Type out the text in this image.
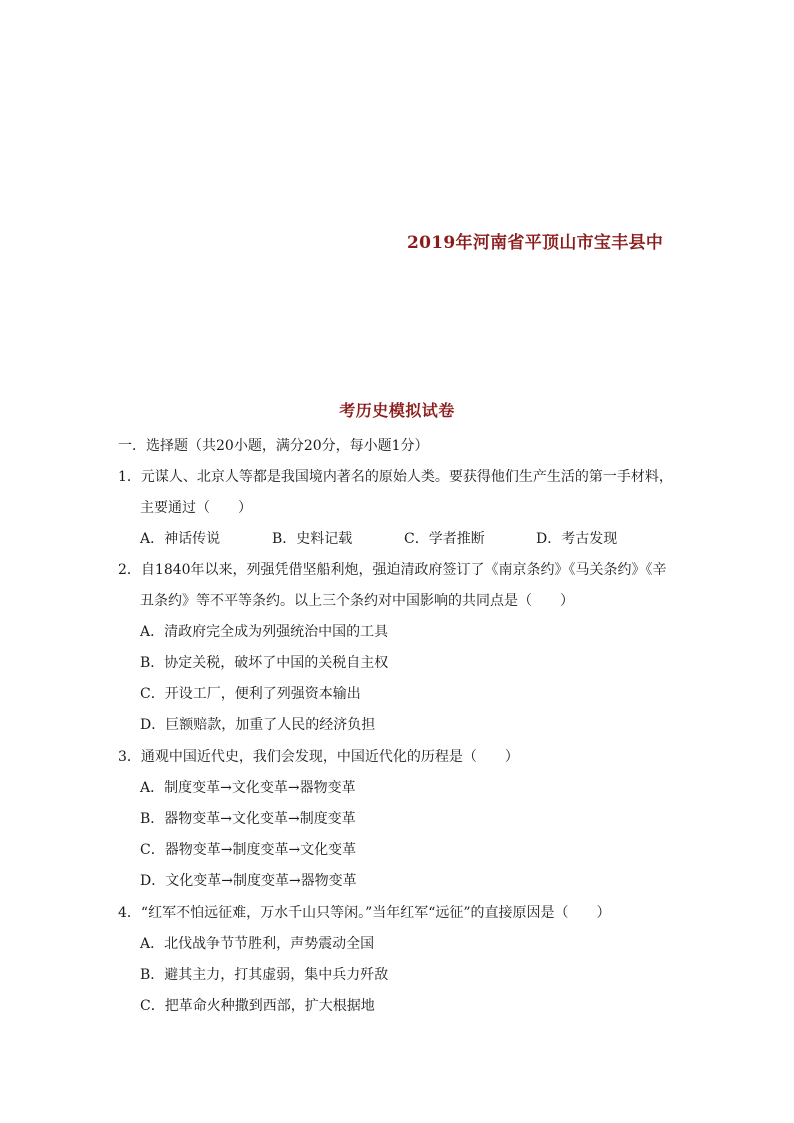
2019年河南省平顶山市宝丰县中
考历史模拟试卷
一．选择题（共20小题，满分20分，每小题1分）
1．元谋人、北京人等都是我国境内著名的原始人类。要获得他们生产生活的第一手材料，
主要通过（　　）
A．神话传说	B．史料记载	C．学者推断	D．考古发现
2．自1840年以来，列强凭借坚船利炮，强迫清政府签订了《南京条约》《马关条约》《辛
丑条约》等不平等条约。以上三个条约对中国影响的共同点是（　　）
A．清政府完全成为列强统治中国的工具
B．协定关税，破坏了中国的关税自主权
C．开设工厂，便利了列强资本输出
D．巨额赔款，加重了人民的经济负担
3．通观中国近代史，我们会发现，中国近代化的历程是（　　）
A．制度变革→文化变革→器物变革
B．器物变革→文化变革→制度变革
C．器物变革→制度变革→文化变革
D．文化变革→制度变革→器物变革
4．“红军不怕远征难，万水千山只等闲。”当年红军“远征”的直接原因是（　　）
A．北伐战争节节胜利，声势震动全国
B．避其主力，打其虚弱，集中兵力歼敌
C．把革命火种撒到西部，扩大根据地
